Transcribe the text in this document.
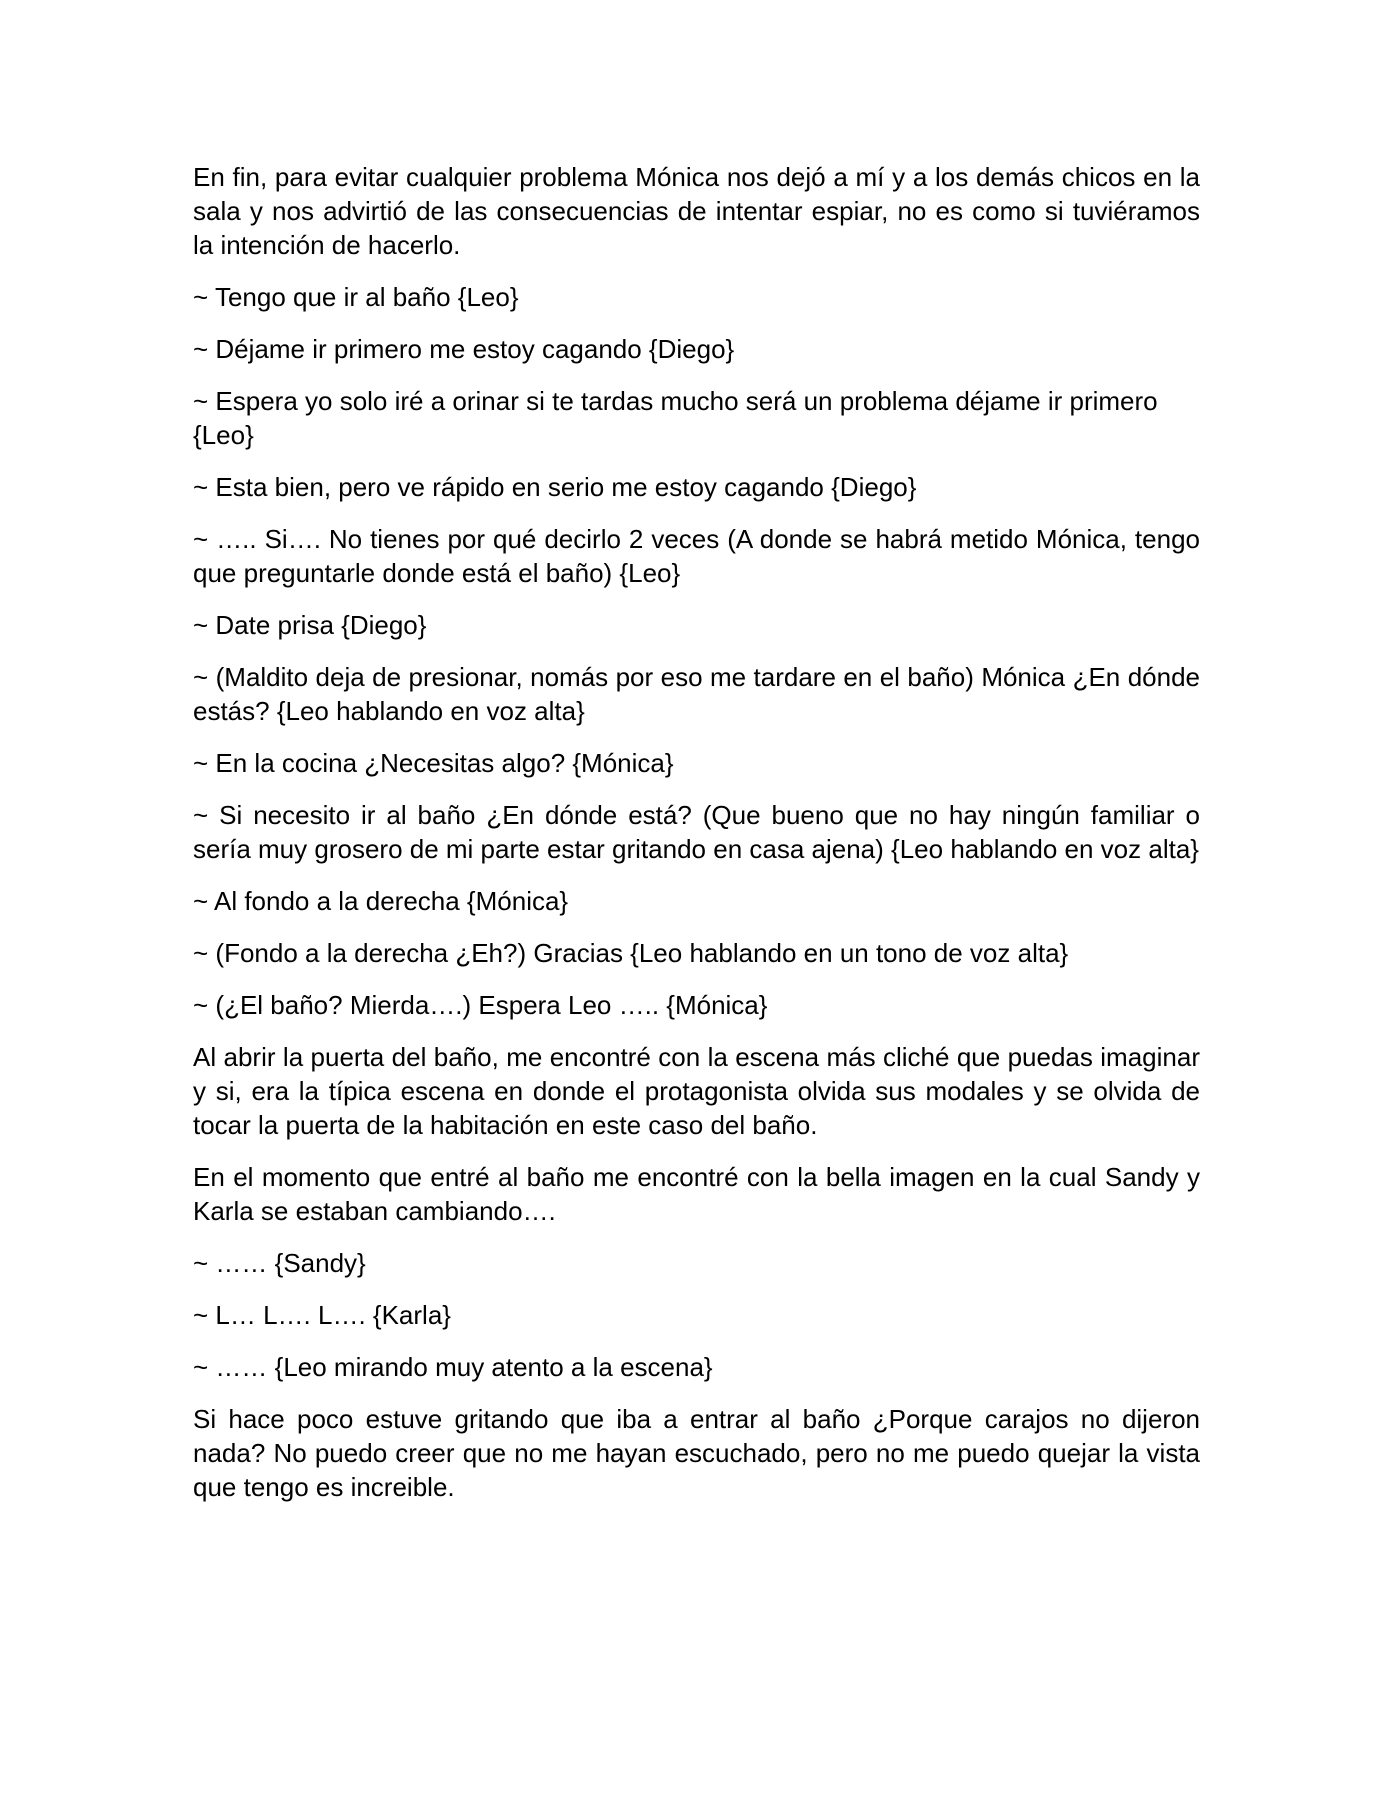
En fin, para evitar cualquier problema Mónica nos dejó a mí y a los demás chicos en la sala y nos advirtió de las consecuencias de intentar espiar, no es como si tuviéramos la intención de hacerlo.

~ Tengo que ir al baño {Leo}

~ Déjame ir primero me estoy cagando {Diego}

~ Espera yo solo iré a orinar si te tardas mucho será un problema déjame ir primero {Leo}

~ Esta bien, pero ve rápido en serio me estoy cagando {Diego}

~ ….. Si…. No tienes por qué decirlo 2 veces (A donde se habrá metido Mónica, tengo que preguntarle donde está el baño) {Leo}

~ Date prisa {Diego}

~ (Maldito deja de presionar, nomás por eso me tardare en el baño) Mónica ¿En dónde estás? {Leo hablando en voz alta}

~ En la cocina ¿Necesitas algo? {Mónica}

~ Si necesito ir al baño ¿En dónde está? (Que bueno que no hay ningún familiar o sería muy grosero de mi parte estar gritando en casa ajena) {Leo hablando en voz alta}

~ Al fondo a la derecha {Mónica}

~ (Fondo a la derecha ¿Eh?) Gracias {Leo hablando en un tono de voz alta}

~ (¿El baño? Mierda….) Espera Leo ….. {Mónica}

Al abrir la puerta del baño, me encontré con la escena más cliché que puedas imaginar y si, era la típica escena en donde el protagonista olvida sus modales y se olvida de tocar la puerta de la habitación en este caso del baño.

En el momento que entré al baño me encontré con la bella imagen en la cual Sandy y Karla se estaban cambiando….

~ …… {Sandy}

~ L… L…. L…. {Karla}

~ …… {Leo mirando muy atento a la escena}

Si hace poco estuve gritando que iba a entrar al baño ¿Porque carajos no dijeron nada? No puedo creer que no me hayan escuchado, pero no me puedo quejar la vista que tengo es increible.
